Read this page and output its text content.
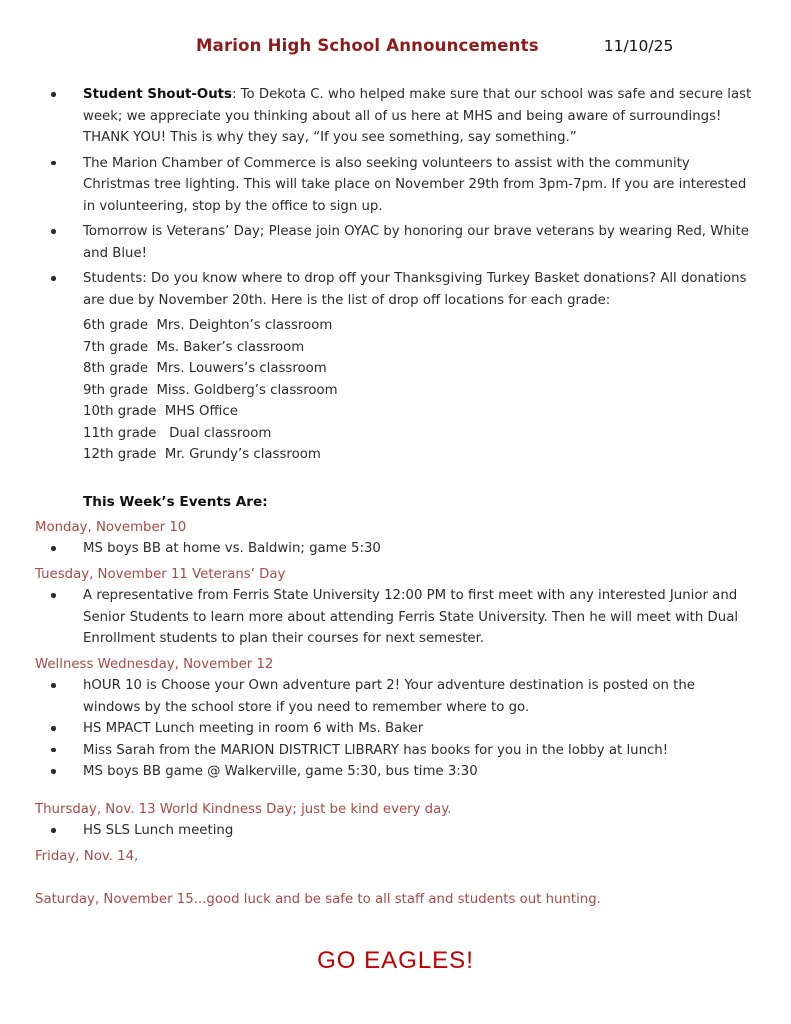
Marion High School Announcements	11/10/25
Student Shout-Outs: To Dekota C. who helped make sure that our school was safe and secure last week; we appreciate you thinking about all of us here at MHS and being aware of surroundings! THANK YOU! This is why they say, “If you see something, say something.”
The Marion Chamber of Commerce is also seeking volunteers to assist with the community Christmas tree lighting. This will take place on November 29th from 3pm-7pm. If you are interested in volunteering, stop by the office to sign up.
Tomorrow is Veterans’ Day; Please join OYAC by honoring our brave veterans by wearing Red, White and Blue!
Students: Do you know where to drop off your Thanksgiving Turkey Basket donations? All donations are due by November 20th. Here is the list of drop off locations for each grade:
6th grade  Mrs. Deighton’s classroom
7th grade  Ms. Baker’s classroom
8th grade  Mrs. Louwers’s classroom
9th grade  Miss. Goldberg’s classroom
10th grade  MHS Office
11th grade   Dual classroom
12th grade  Mr. Grundy’s classroom
This Week’s Events Are:
Monday, November 10
MS boys BB at home vs. Baldwin; game 5:30
Tuesday, November 11 Veterans’ Day
A representative from Ferris State University 12:00 PM to first meet with any interested Junior and Senior Students to learn more about attending Ferris State University. Then he will meet with Dual Enrollment students to plan their courses for next semester.
Wellness Wednesday, November 12
hOUR 10 is Choose your Own adventure part 2! Your adventure destination is posted on the windows by the school store if you need to remember where to go.
HS MPACT Lunch meeting in room 6 with Ms. Baker
Miss Sarah from the MARION DISTRICT LIBRARY has books for you in the lobby at lunch!
MS boys BB game @ Walkerville, game 5:30, bus time 3:30
Thursday, Nov. 13 World Kindness Day; just be kind every day.
HS SLS Lunch meeting
Friday, Nov. 14,
Saturday, November 15...good luck and be safe to all staff and students out hunting.
GO EAGLES!
